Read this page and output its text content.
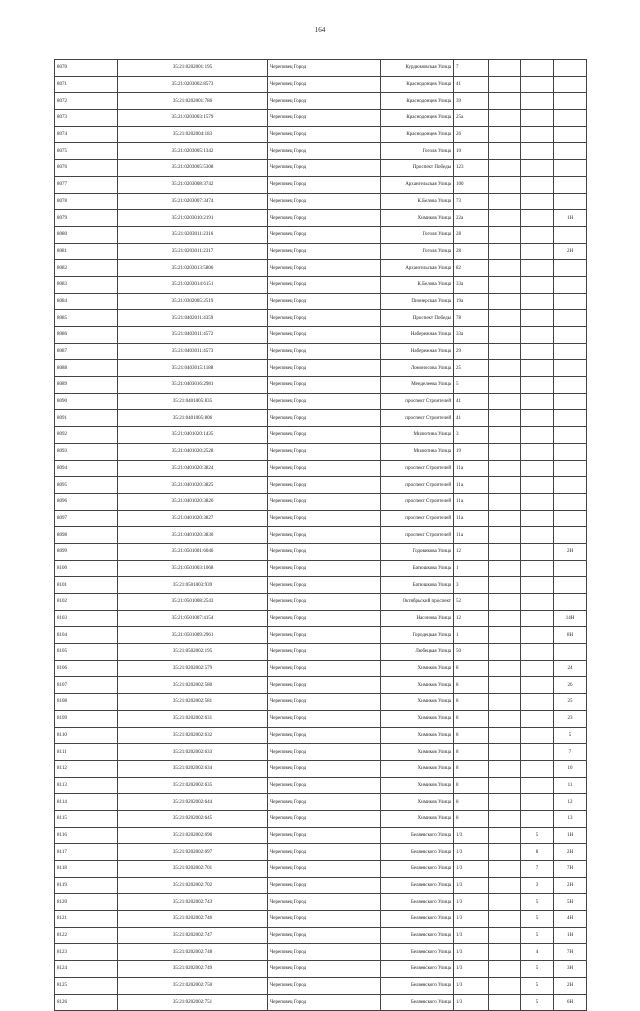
164
8070	35:21:0202001:195	Череповец Город	Курдюмовская Улица	7			
8071	35:21:0203002:8573	Череповец Город	Краснодонцев Улица	41			
8072	35:21:0202001:786	Череповец Город	Краснодонцев Улица	39			
8073	35:21:0203003:1579	Череповец Город	Краснодонцев Улица	25а			
8074	35:21:0202004:183	Череповец Город	Краснодонцев Улица	26			
8075	35:21:0203005:1342	Череповец Город	Гоголя Улица	10			
8076	35:21:0203005:5308	Череповец Город	Проспект Победы	123			
8077	35:21:0203008:3742	Череповец Город	Архангельская Улица	100			
8078	35:21:0203007:3474	Череповец Город	К.Белова Улица	73			
8079	35:21:0203010:2191	Череповец Город	Химиков Улица	22а			1Н
8080	35:21:0203011:2316	Череповец Город	Гоголя Улица	28			
8081	35:21:0203011:2317	Череповец Город	Гоголя Улица	28			2Н
8082	35:21:0203013:5806	Череповец Город	Архангельская Улица	82			
8083	35:21:0203014:6151	Череповец Город	К.Белова Улица	33а			
8084	35:21:0302005:2519	Череповец Город	Пионерская Улица	19а			
8085	35:21:0402011:4359	Череповец Город	Проспект Победы	78			
8086	35:21:0403011:4572	Череповец Город	Набережная Улица	33а			
8087	35:21:0403011:4573	Череповец Город	Набережная Улица	29			
8088	35:21:0403015:1188	Череповец Город	Ломоносова Улица	25			
8089	35:21:0403016:2981	Череповец Город	Менделеева Улица	5			
8090	35:21:0401005:835	Череповец Город	проспект Строителей	41			
8091	35:21:0401005:806	Череповец Город	проспект Строителей	41			
8092	35:21:0401020:1435	Череповец Город	Милютина Улица	3			
8093	35:21:0401020:2528	Череповец Город	Милютина Улица	19			
8094	35:21:0401020:3824	Череповец Город	проспект Строителей	11а			
8095	35:21:0401020:3825	Череповец Город	проспект Строителей	11а			
8096	35:21:0401020:3826	Череповец Город	проспект Строителей	11а			
8097	35:21:0401020:3827	Череповец Город	проспект Строителей	11а			
8098	35:21:0401020:3830	Череповец Город	проспект Строителей	11а			
8099	35:21:0501001:6046	Череповец Город	Годовикова Улица	12			2Н
8100	35:21:0501003:1068	Череповец Город	Батюшкова Улица	1			
8101	35:21:0501003:939	Череповец Город	Батюшкова Улица	3			
8102	35:21:0501008:2543	Череповец Город	Октябрьский проспект	52			
8103	35:21:0501007:4154	Череповец Город	Насонова Улица	12			14Н
8104	35:21:0501009:2961	Череповец Город	Городецкая Улица	1			8Н
8105	35:21:0502002:195	Череповец Город	Любецкая Улица	50			
8106	35:21:0202002:579	Череповец Город	Химиков Улица	8			24
8107	35:21:0202002:580	Череповец Город	Химиков Улица	8			26
8108	35:21:0202002:581	Череповец Город	Химиков Улица	8			25
8109	35:21:0202002:631	Череповец Город	Химиков Улица	8			23
8110	35:21:0202002:632	Череповец Город	Химиков Улица	8			5
8111	35:21:0202002:633	Череповец Город	Химиков Улица	8			7
8112	35:21:0202002:634	Череповец Город	Химиков Улица	8			10
8113	35:21:0202002:635	Череповец Город	Химиков Улица	8			11
8114	35:21:0202002:644	Череповец Город	Химиков Улица	8			12
8115	35:21:0202002:645	Череповец Город	Химиков Улица	8			13
8116	35:21:0202002:696	Череповец Город	Беляевского Улица	1/3		5	1Н
8117	35:21:0202002:697	Череповец Город	Беляевского Улица	1/3		8	2Н
8118	35:21:0202002:701	Череповец Город	Беляевского Улица	1/3		7	7Н
8119	35:21:0202002:702	Череповец Город	Беляевского Улица	1/3		3	2Н
8120	35:21:0202002:743	Череповец Город	Беляевского Улица	1/3		5	5Н
8121	35:21:0202002:746	Череповец Город	Беляевского Улица	1/3		5	4Н
8122	35:21:0202002:747	Череповец Город	Беляевского Улица	1/3		5	1Н
8123	35:21:0202002:748	Череповец Город	Беляевского Улица	1/3		4	7Н
8124	35:21:0202002:749	Череповец Город	Беляевского Улица	1/3		5	3Н
8125	35:21:0202002:750	Череповец Город	Беляевского Улица	1/3		5	2Н
8126	35:21:0202002:751	Череповец Город	Беляевского Улица	1/3		5	6Н
